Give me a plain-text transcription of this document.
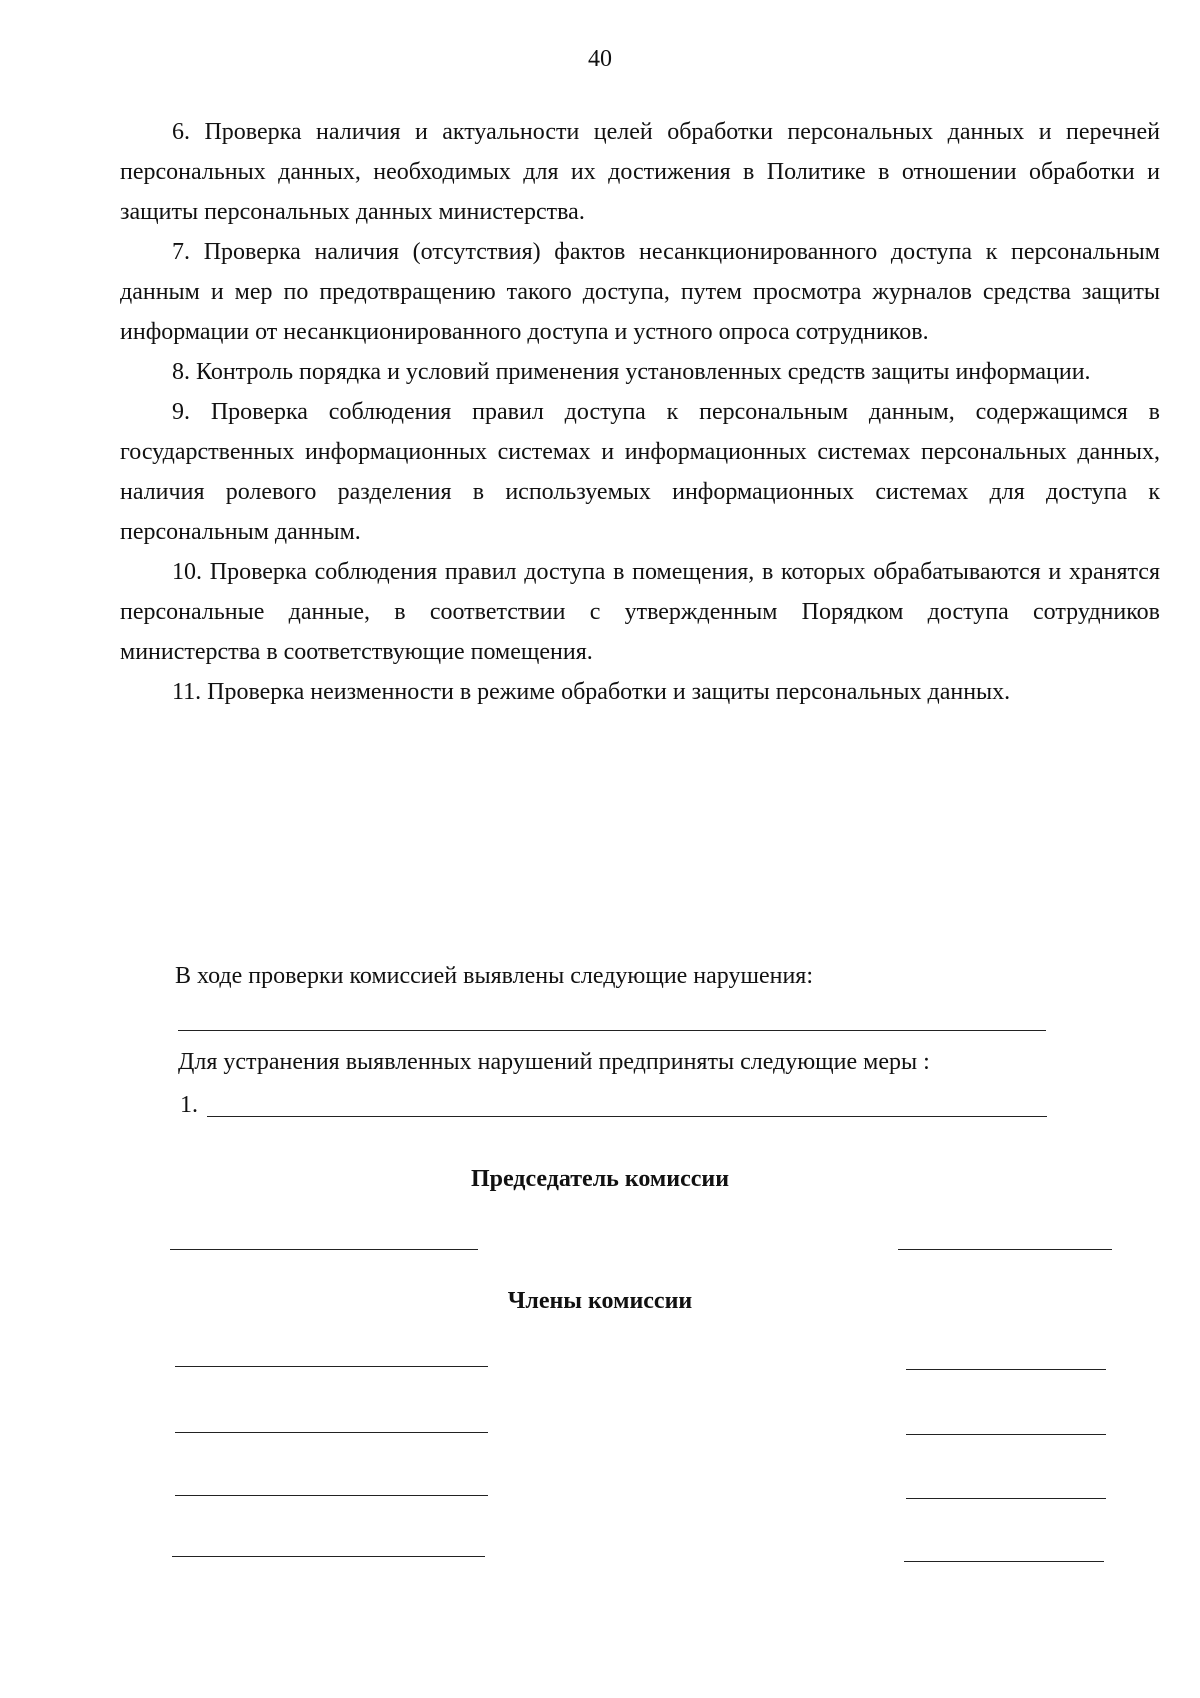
40

6. Проверка наличия и актуальности целей обработки персональных данных и перечней персональных данных, необходимых для их достижения в Политике в отношении обработки и защиты персональных данных министерства.

7. Проверка наличия (отсутствия) фактов несанкционированного доступа к персональным данным и мер по предотвращению такого доступа, путем просмотра журналов средства защиты информации от несанкционированного доступа и устного опроса сотрудников.

8. Контроль порядка и условий применения установленных средств защиты информации.

9. Проверка соблюдения правил доступа к персональным данным, содержащимся в государственных информационных системах и информационных системах персональных данных, наличия ролевого разделения в используемых информационных системах для доступа к персональным данным.

10. Проверка соблюдения правил доступа в помещения, в которых обрабатываются и хранятся персональные данные, в соответствии с утвержденным Порядком доступа сотрудников министерства в соответствующие помещения.

11. Проверка неизменности в режиме обработки и защиты персональных данных.

В ходе проверки комиссией выявлены следующие нарушения:
Для устранения выявленных нарушений предприняты следующие меры :
1.
Председатель комиссии
Члены комиссии
